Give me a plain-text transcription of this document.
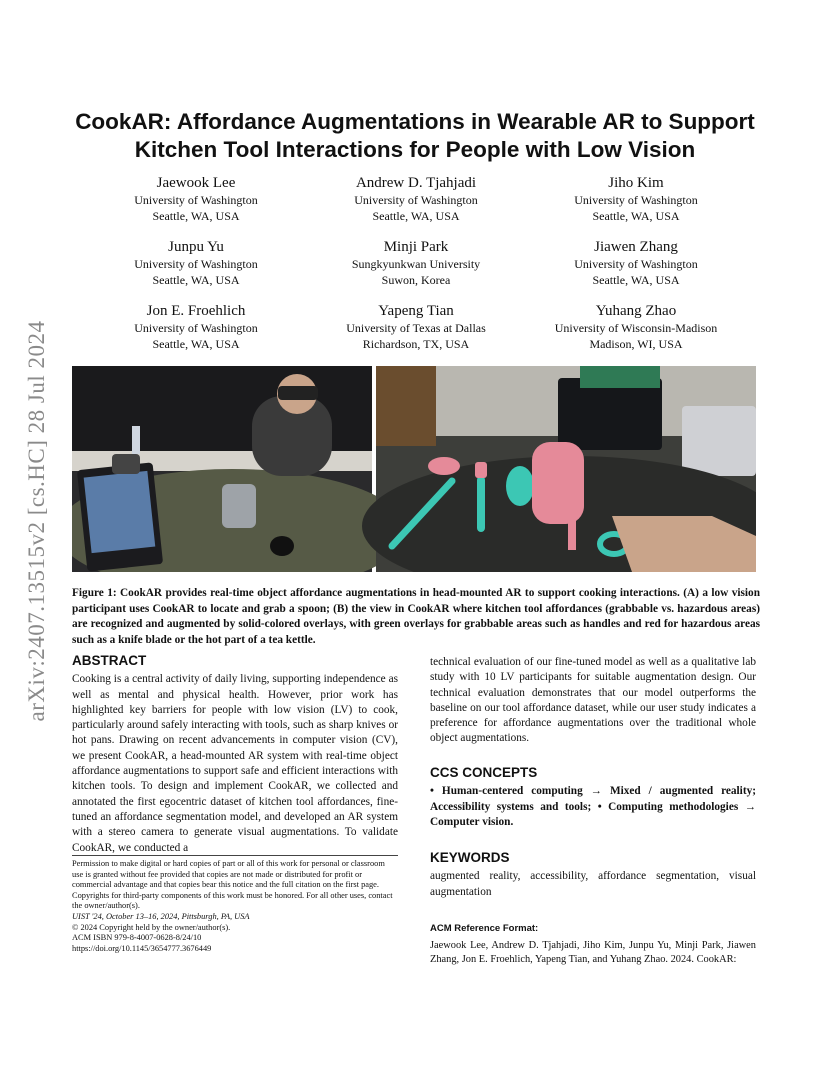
arXiv:2407.13515v2 [cs.HC] 28 Jul 2024
CookAR: Affordance Augmentations in Wearable AR to Support Kitchen Tool Interactions for People with Low Vision
Jaewook Lee
University of Washington
Seattle, WA, USA
Andrew D. Tjahjadi
University of Washington
Seattle, WA, USA
Jiho Kim
University of Washington
Seattle, WA, USA
Junpu Yu
University of Washington
Seattle, WA, USA
Minji Park
Sungkyunkwan University
Suwon, Korea
Jiawen Zhang
University of Washington
Seattle, WA, USA
Jon E. Froehlich
University of Washington
Seattle, WA, USA
Yapeng Tian
University of Texas at Dallas
Richardson, TX, USA
Yuhang Zhao
University of Wisconsin-Madison
Madison, WI, USA

Figure 1: CookAR provides real-time object affordance augmentations in head-mounted AR to support cooking interactions. (A) a low vision participant uses CookAR to locate and grab a spoon; (B) the view in CookAR where kitchen tool affordances (grabbable vs. hazardous areas) are recognized and augmented by solid-colored overlays, with green overlays for grabbable areas such as handles and red for hazardous areas such as a knife blade or the hot part of a tea kettle.

ABSTRACT

Cooking is a central activity of daily living, supporting independence as well as mental and physical health. However, prior work has highlighted key barriers for people with low vision (LV) to cook, particularly around safely interacting with tools, such as sharp knives or hot pans. Drawing on recent advancements in computer vision (CV), we present CookAR, a head-mounted AR system with real-time object affordance augmentations to support safe and efficient interactions with kitchen tools. To design and implement CookAR, we collected and annotated the first egocentric dataset of kitchen tool affordances, fine-tuned an affordance segmentation model, and developed an AR system with a stereo camera to generate visual augmentations. To validate CookAR, we conducted a

technical evaluation of our fine-tuned model as well as a qualitative lab study with 10 LV participants for suitable augmentation design. Our technical evaluation demonstrates that our model outperforms the baseline on our tool affordance dataset, while our user study indicates a preference for affordance augmentations over the traditional whole object augmentations.

CCS CONCEPTS

• Human-centered computing → Mixed / augmented reality; Accessibility systems and tools; • Computing methodologies → Computer vision.

KEYWORDS

augmented reality, accessibility, affordance segmentation, visual augmentation

ACM Reference Format:

Jaewook Lee, Andrew D. Tjahjadi, Jiho Kim, Junpu Yu, Minji Park, Jiawen Zhang, Jon E. Froehlich, Yapeng Tian, and Yuhang Zhao. 2024. CookAR:

Permission to make digital or hard copies of part or all of this work for personal or classroom use is granted without fee provided that copies are not made or distributed for profit or commercial advantage and that copies bear this notice and the full citation on the first page. Copyrights for third-party components of this work must be honored. For all other uses, contact the owner/author(s).

UIST '24, October 13–16, 2024, Pittsburgh, PA, USA

© 2024 Copyright held by the owner/author(s).

ACM ISBN 979-8-4007-0628-8/24/10

https://doi.org/10.1145/3654777.3676449
